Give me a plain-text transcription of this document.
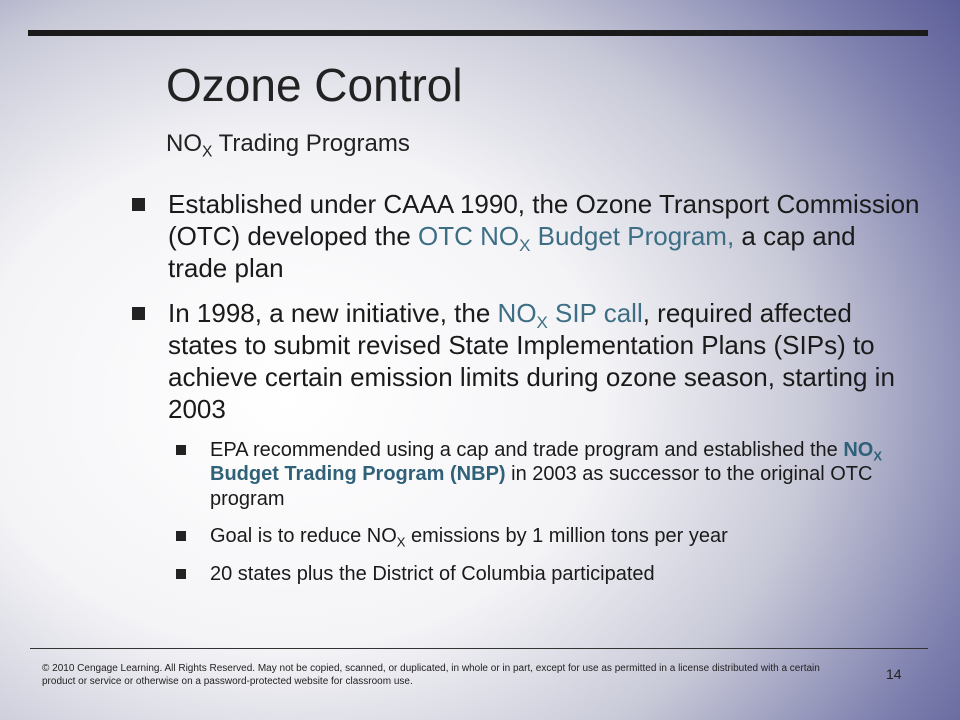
Ozone Control
$NO_X$ Trading Programs
Established under CAAA 1990, the Ozone Transport Commission (OTC) developed the OTC $NO_X$ Budget Program, a cap and trade plan
In 1998, a new initiative, the $NO_X$ SIP call, required affected states to submit revised State Implementation Plans (SIPs) to achieve certain emission limits during ozone season, starting in 2003
EPA recommended using a cap and trade program and established the $NO_X$ Budget Trading Program (NBP) in 2003 as successor to the original OTC program
Goal is to reduce $NO_X$ emissions by 1 million tons per year
20 states plus the District of Columbia participated
© 2010 Cengage Learning. All Rights Reserved. May not be copied, scanned, or duplicated, in whole or in part, except for use as permitted in a license distributed with a certain product or service or otherwise on a password-protected website for classroom use.	14
